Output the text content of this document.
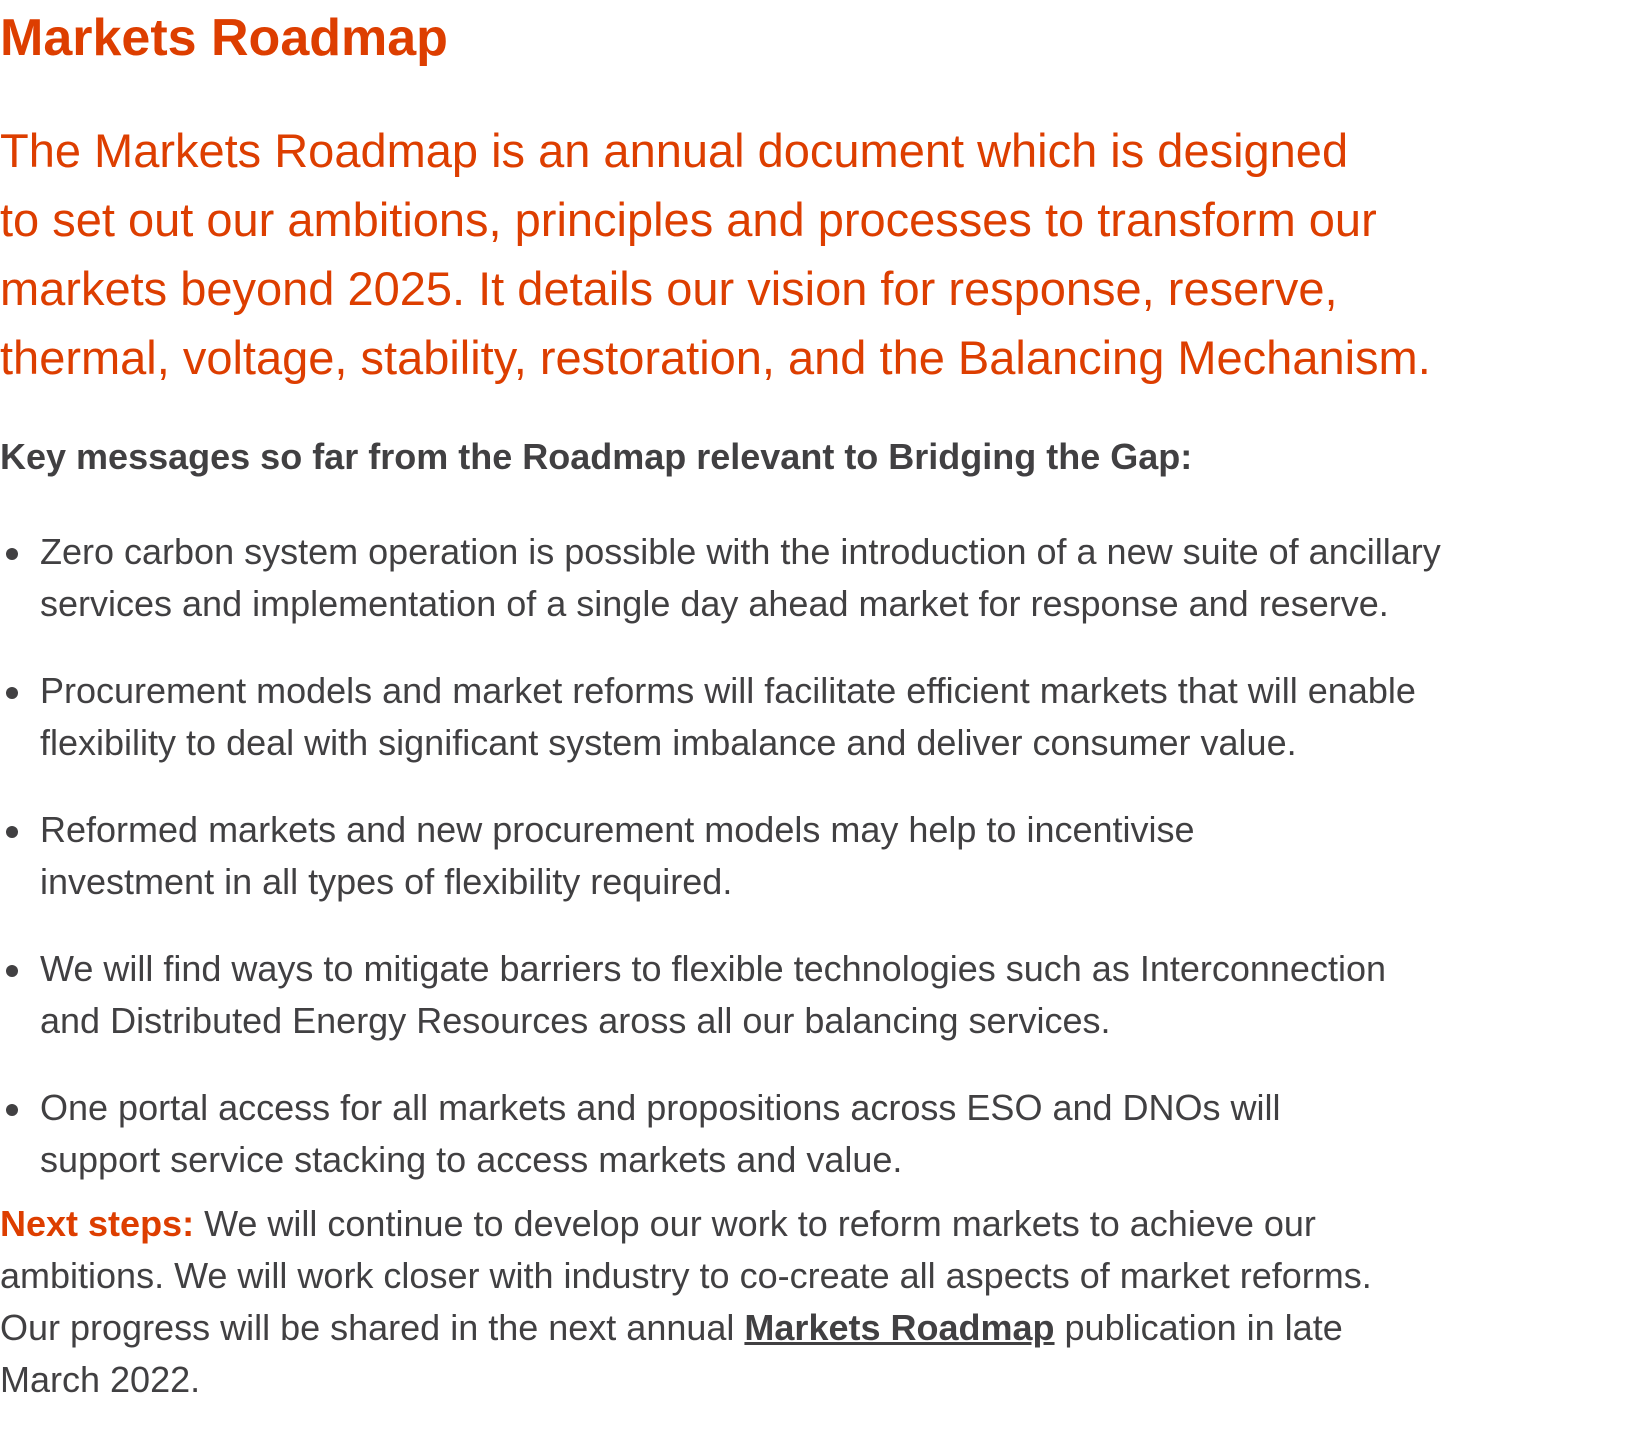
Markets Roadmap

The Markets Roadmap is an annual document which is designed
to set out our ambitions, principles and processes to transform our
markets beyond 2025. It details our vision for response, reserve,
thermal, voltage, stability, restoration, and the Balancing Mechanism.

Key messages so far from the Roadmap relevant to Bridging the Gap:
Zero carbon system operation is possible with the introduction of a new suite of ancillary
services and implementation of a single day ahead market for response and reserve.
Procurement models and market reforms will facilitate efficient markets that will enable
flexibility to deal with significant system imbalance and deliver consumer value.
Reformed markets and new procurement models may help to incentivise
investment in all types of flexibility required.
We will find ways to mitigate barriers to flexible technologies such as Interconnection
and Distributed Energy Resources aross all our balancing services.
One portal access for all markets and propositions across ESO and DNOs will
support service stacking to access markets and value.

Next steps: We will continue to develop our work to reform markets to achieve our
ambitions. We will work closer with industry to co-create all aspects of market reforms.
Our progress will be shared in the next annual Markets Roadmap publication in late
March 2022.
